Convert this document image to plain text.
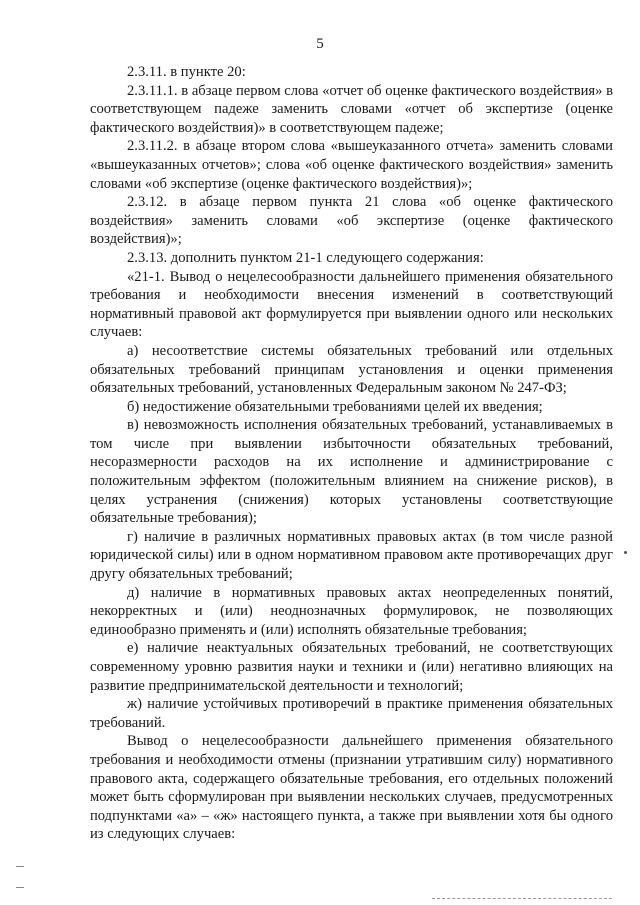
5

2.3.11. в пункте 20:

2.3.11.1. в абзаце первом слова «отчет об оценке фактического воздействия» в соответствующем падеже заменить словами «отчет об экспертизе (оценке фактического воздействия)» в соответствующем падеже;

2.3.11.2. в абзаце втором слова «вышеуказанного отчета» заменить словами «вышеуказанных отчетов»; слова «об оценке фактического воздействия» заменить словами «об экспертизе (оценке фактического воздействия)»;

2.3.12. в абзаце первом пункта 21 слова «об оценке фактического воздействия» заменить словами «об экспертизе (оценке фактического воздействия)»;

2.3.13. дополнить пунктом 21-1 следующего содержания:

«21-1. Вывод о нецелесообразности дальнейшего применения обязательного требования и необходимости внесения изменений в соответствующий нормативный правовой акт формулируется при выявлении одного или нескольких случаев:

а) несоответствие системы обязательных требований или отдельных обязательных требований принципам установления и оценки применения обязательных требований, установленных Федеральным законом № 247-ФЗ;

б) недостижение обязательными требованиями целей их введения;

в) невозможность исполнения обязательных требований, устанавливаемых в том числе при выявлении избыточности обязательных требований, несоразмерности расходов на их исполнение и администрирование с положительным эффектом (положительным влиянием на снижение рисков), в целях устранения (снижения) которых установлены соответствующие обязательные требования);

г) наличие в различных нормативных правовых актах (в том числе разной юридической силы) или в одном нормативном правовом акте противоречащих друг другу обязательных требований;

д) наличие в нормативных правовых актах неопределенных понятий, некорректных и (или) неоднозначных формулировок, не позволяющих единообразно применять и (или) исполнять обязательные требования;

е) наличие неактуальных обязательных требований, не соответствующих современному уровню развития науки и техники и (или) негативно влияющих на развитие предпринимательской деятельности и технологий;

ж) наличие устойчивых противоречий в практике применения обязательных требований.

Вывод о нецелесообразности дальнейшего применения обязательного требования и необходимости отмены (признании утратившим силу) нормативного правового акта, содержащего обязательные требования, его отдельных положений может быть сформулирован при выявлении нескольких случаев, предусмотренных подпунктами «а» – «ж» настоящего пункта, а также при выявлении хотя бы одного из следующих случаев:
